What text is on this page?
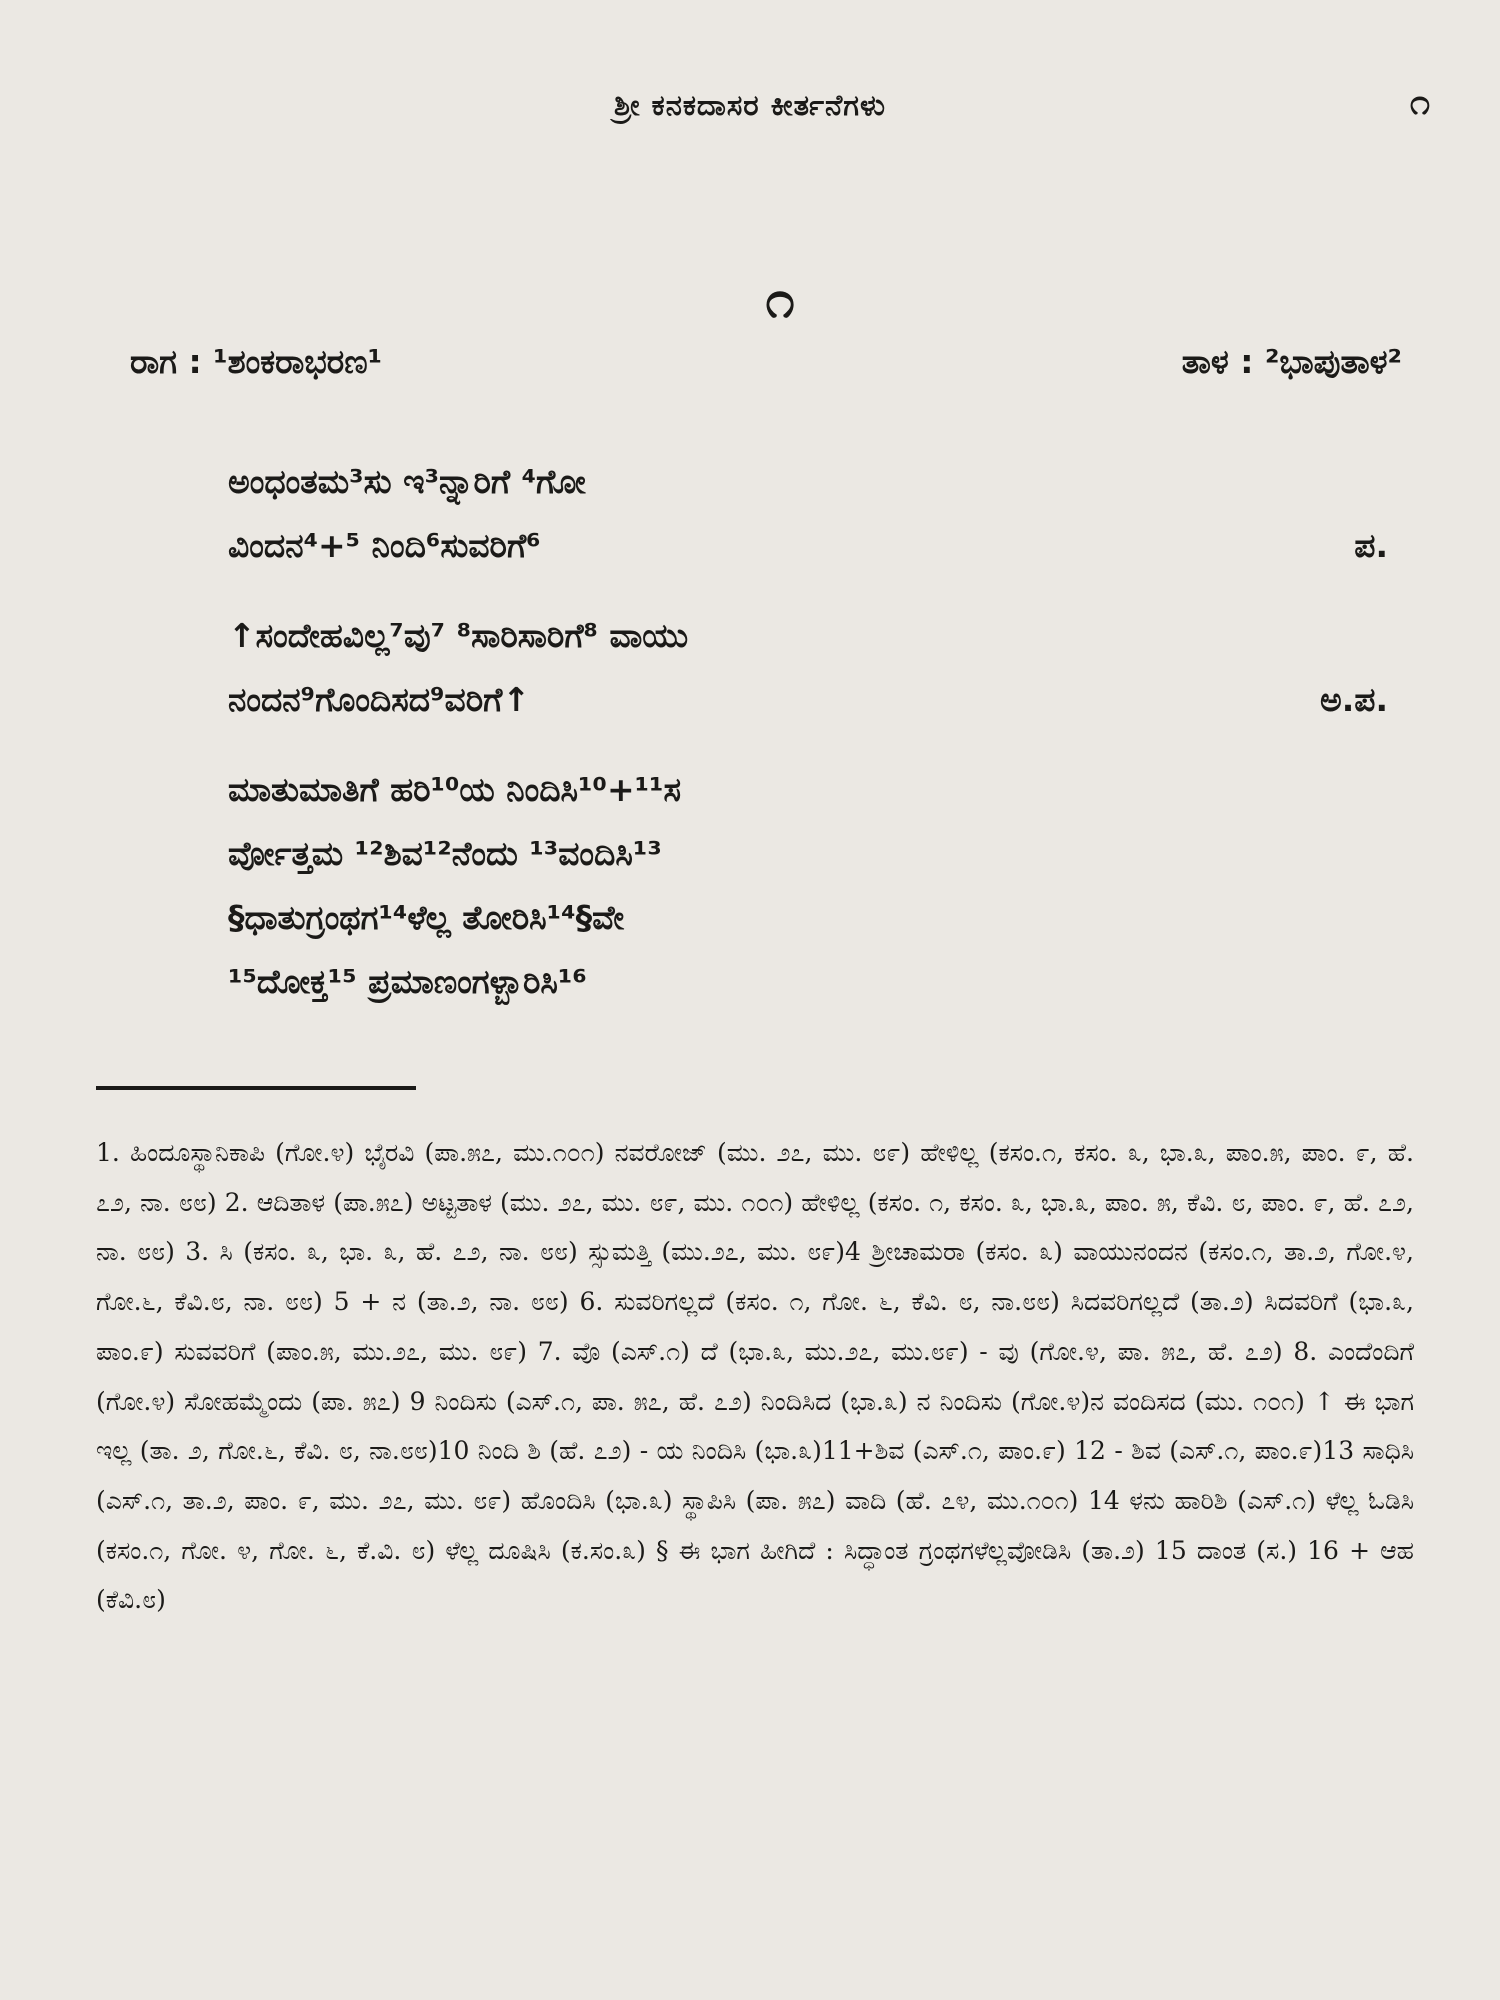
ಶ್ರೀ ಕನಕದಾಸರ ಕೀರ್ತನೆಗಳು	೧
೧
ರಾಗ : ¹ಶಂಕರಾಭರಣ¹	ತಾಳ : ²ಭಾಪುತಾಳ²
ಅಂಧಂತಮ³ಸು ಇ³ನ್ನಾರಿಗೆ ⁴ಗೋ
ವಿಂದನ⁴+⁵ ನಿಂದಿ⁶ಸುವರಿಗೆ⁶	ಪ.
↑ಸಂದೇಹವಿಲ್ಲ⁷ವು⁷ ⁸ಸಾರಿಸಾರಿಗೆ⁸ ವಾಯು
ನಂದನ⁹ಗೊಂದಿಸದ⁹ವರಿಗೆ↑	ಅ.ಪ.
ಮಾತುಮಾತಿಗೆ ಹರಿ¹⁰ಯ ನಿಂದಿಸಿ¹⁰+¹¹ಸ
ರ್ವೋತ್ತಮ ¹²ಶಿವ¹²ನೆಂದು ¹³ವಂದಿಸಿ¹³
§ಧಾತುಗ್ರಂಥಗ¹⁴ಳೆಲ್ಲ ತೋರಿಸಿ¹⁴§ವೇ
¹⁵ದೋಕ್ತ¹⁵ ಪ್ರಮಾಣಂಗಳ್ಬಾರಿಸಿ¹⁶
1. ಹಿಂದೂಸ್ಥಾನಿಕಾಪಿ (ಗೋ.೪) ಭೈರವಿ (ಪಾ.೫೭, ಮು.೧೦೧) ನವರೋಜ್ (ಮು. ೨೭, ಮು. ೮೯) ಹೇಳಿಲ್ಲ (ಕಸಂ.೧, ಕಸಂ. ೩, ಭಾ.೩, ಪಾಂ.೫, ಪಾಂ. ೯, ಹೆ. ೭೨, ನಾ. ೮೮) 2. ಆದಿತಾಳ (ಪಾ.೫೭) ಅಟ್ಟತಾಳ (ಮು. ೨೭, ಮು. ೮೯, ಮು. ೧೦೧) ಹೇಳಿಲ್ಲ (ಕಸಂ. ೧, ಕಸಂ. ೩, ಭಾ.೩, ಪಾಂ. ೫, ಕೆವಿ. ೮, ಪಾಂ. ೯, ಹೆ. ೭೨, ನಾ. ೮೮) 3. ಸಿ (ಕಸಂ. ೩, ಭಾ. ೩, ಹೆ. ೭೨, ನಾ. ೮೮) ಸ್ಸುಮತ್ತಿ (ಮು.೨೭, ಮು. ೮೯)4 ಶ್ರೀಚಾಮರಾ (ಕಸಂ. ೩) ವಾಯುನಂದನ (ಕಸಂ.೧, ತಾ.೨, ಗೋ.೪, ಗೋ.೬, ಕೆವಿ.೮, ನಾ. ೮೮) 5 + ನ (ತಾ.೨, ನಾ. ೮೮) 6. ಸುವರಿಗಲ್ಲದೆ (ಕಸಂ. ೧, ಗೋ. ೬, ಕೆವಿ. ೮, ನಾ.೮೮) ಸಿದವರಿಗಲ್ಲದೆ (ತಾ.೨) ಸಿದವರಿಗೆ (ಭಾ.೩, ಪಾಂ.೯) ಸುವವರಿಗೆ (ಪಾಂ.೫, ಮು.೨೭, ಮು. ೮೯) 7. ವೊ (ಎಸ್.೧) ದೆ (ಭಾ.೩, ಮು.೨೭, ಮು.೮೯) - ವು (ಗೋ.೪, ಪಾ. ೫೭, ಹೆ. ೭೨) 8. ಎಂದೆಂದಿಗೆ (ಗೋ.೪) ಸೋಹಮ್ಮೆಂದು (ಪಾ. ೫೭) 9 ನಿಂದಿಸು (ಎಸ್.೧, ಪಾ. ೫೭, ಹೆ. ೭೨) ನಿಂದಿಸಿದ (ಭಾ.೩) ನ ನಿಂದಿಸು (ಗೋ.೪)ನ ವಂದಿಸದ (ಮು. ೧೦೧) ↑ ಈ ಭಾಗ ಇಲ್ಲ (ತಾ. ೨, ಗೋ.೬, ಕೆವಿ. ೮, ನಾ.೮೮)10 ನಿಂದಿ ಶಿ (ಹೆ. ೭೨) - ಯ ನಿಂದಿಸಿ (ಭಾ.೩)11+ಶಿವ (ಎಸ್.೧, ಪಾಂ.೯) 12 - ಶಿವ (ಎಸ್.೧, ಪಾಂ.೯)13 ಸಾಧಿಸಿ (ಎಸ್.೧, ತಾ.೨, ಪಾಂ. ೯, ಮು. ೨೭, ಮು. ೮೯) ಹೊಂದಿಸಿ (ಭಾ.೩) ಸ್ಥಾಪಿಸಿ (ಪಾ. ೫೭) ವಾದಿ (ಹೆ. ೭೪, ಮು.೧೦೧) 14 ಳನು ಹಾರಿಶಿ (ಎಸ್.೧) ಳೆಲ್ಲ ಓಡಿಸಿ (ಕಸಂ.೧, ಗೋ. ೪, ಗೋ. ೬, ಕೆ.ವಿ. ೮) ಳೆಲ್ಲ ದೂಷಿಸಿ (ಕ.ಸಂ.೩) § ಈ ಭಾಗ ಹೀಗಿದೆ : ಸಿದ್ಧಾಂತ ಗ್ರಂಥಗಳೆಲ್ಲವೋಡಿಸಿ (ತಾ.೨) 15 ದಾಂತ (ಸ.) 16 + ಆಹ (ಕೆವಿ.೮)
